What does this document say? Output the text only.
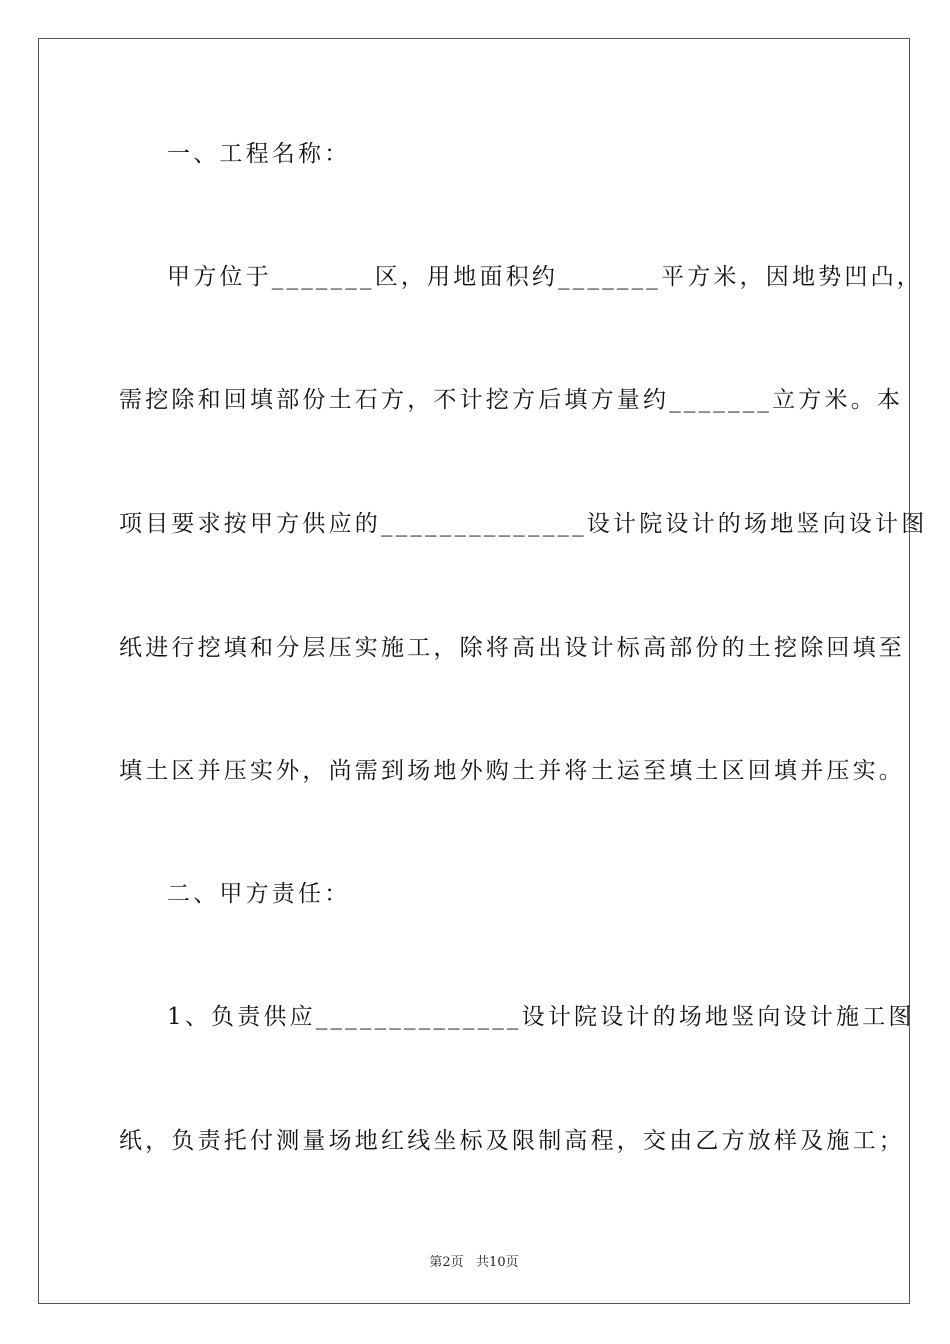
一、工程名称：
甲方位于_______区，用地面积约_______平方米，因地势凹凸，
需挖除和回填部份土石方，不计挖方后填方量约_______立方米。本
项目要求按甲方供应的______________设计院设计的场地竖向设计图
纸进行挖填和分层压实施工，除将高出设计标高部份的土挖除回填至
填土区并压实外，尚需到场地外购土并将土运至填土区回填并压实。
二、甲方责任：
1、负责供应______________设计院设计的场地竖向设计施工图
纸，负责托付测量场地红线坐标及限制高程，交由乙方放样及施工；
第2页   共10页
